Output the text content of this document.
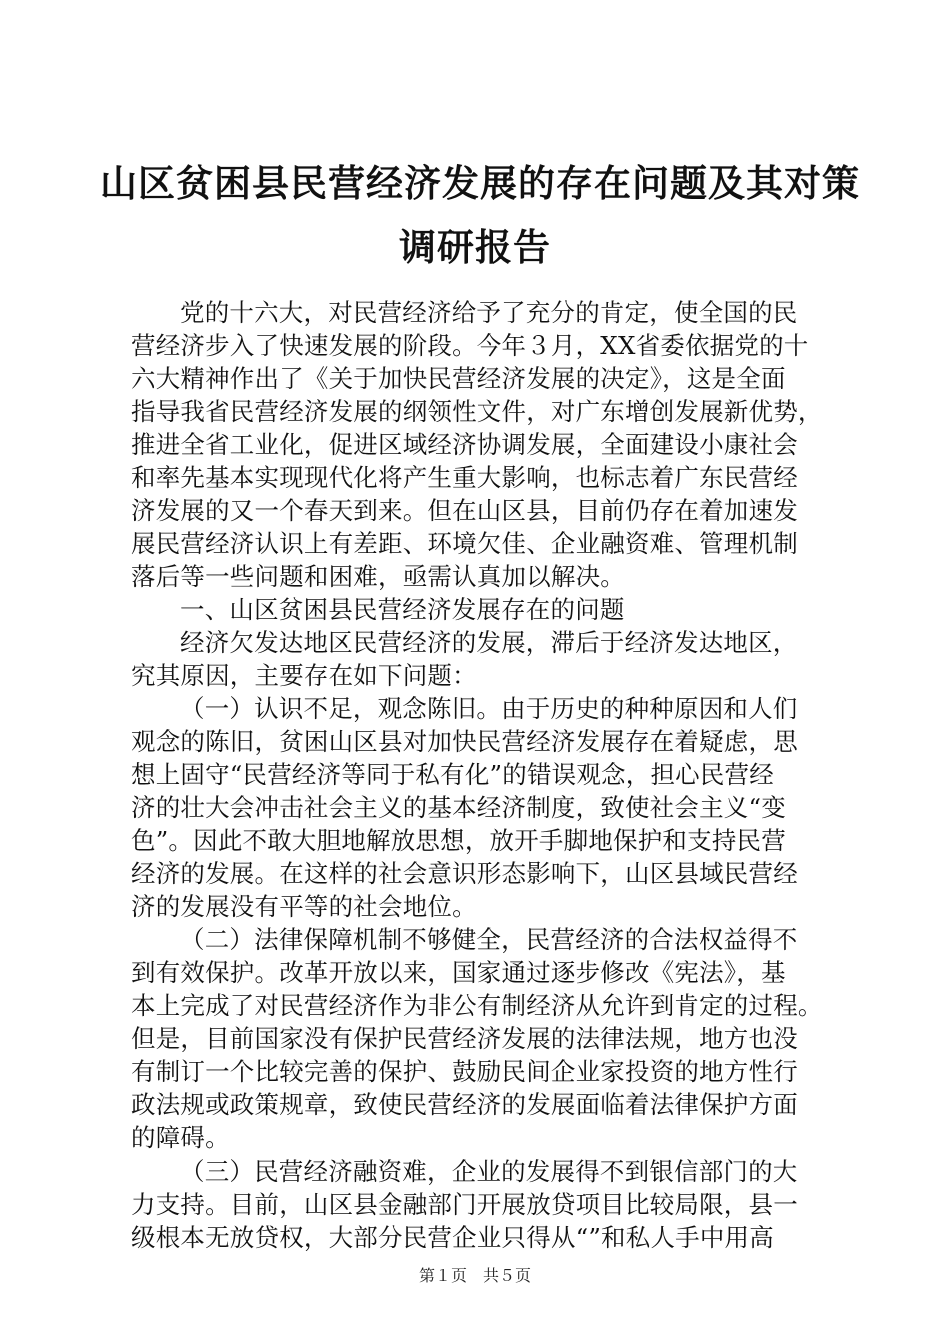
山区贫困县民营经济发展的存在问题及其对策
调研报告
党的十六大，对民营经济给予了充分的肯定，使全国的民
营经济步入了快速发展的阶段。今年３月，XX省委依据党的十
六大精神作出了《关于加快民营经济发展的决定》，这是全面
指导我省民营经济发展的纲领性文件，对广东增创发展新优势，
推进全省工业化，促进区域经济协调发展，全面建设小康社会
和率先基本实现现代化将产生重大影响，也标志着广东民营经
济发展的又一个春天到来。但在山区县，目前仍存在着加速发
展民营经济认识上有差距、环境欠佳、企业融资难、管理机制
落后等一些问题和困难，亟需认真加以解决。
一、山区贫困县民营经济发展存在的问题
经济欠发达地区民营经济的发展，滞后于经济发达地区，
究其原因，主要存在如下问题：
（一）认识不足，观念陈旧。由于历史的种种原因和人们
观念的陈旧，贫困山区县对加快民营经济发展存在着疑虑，思
想上固守“民营经济等同于私有化”的错误观念，担心民营经
济的壮大会冲击社会主义的基本经济制度，致使社会主义“变
色”。因此不敢大胆地解放思想，放开手脚地保护和支持民营
经济的发展。在这样的社会意识形态影响下，山区县域民营经
济的发展没有平等的社会地位。
（二）法律保障机制不够健全，民营经济的合法权益得不
到有效保护。改革开放以来，国家通过逐步修改《宪法》，基
本上完成了对民营经济作为非公有制经济从允许到肯定的过程。
但是，目前国家没有保护民营经济发展的法律法规，地方也没
有制订一个比较完善的保护、鼓励民间企业家投资的地方性行
政法规或政策规章，致使民营经济的发展面临着法律保护方面
的障碍。
（三）民营经济融资难，企业的发展得不到银信部门的大
力支持。目前，山区县金融部门开展放贷项目比较局限，县一
级根本无放贷权，大部分民营企业只得从“”和私人手中用高
第１页　共５页
